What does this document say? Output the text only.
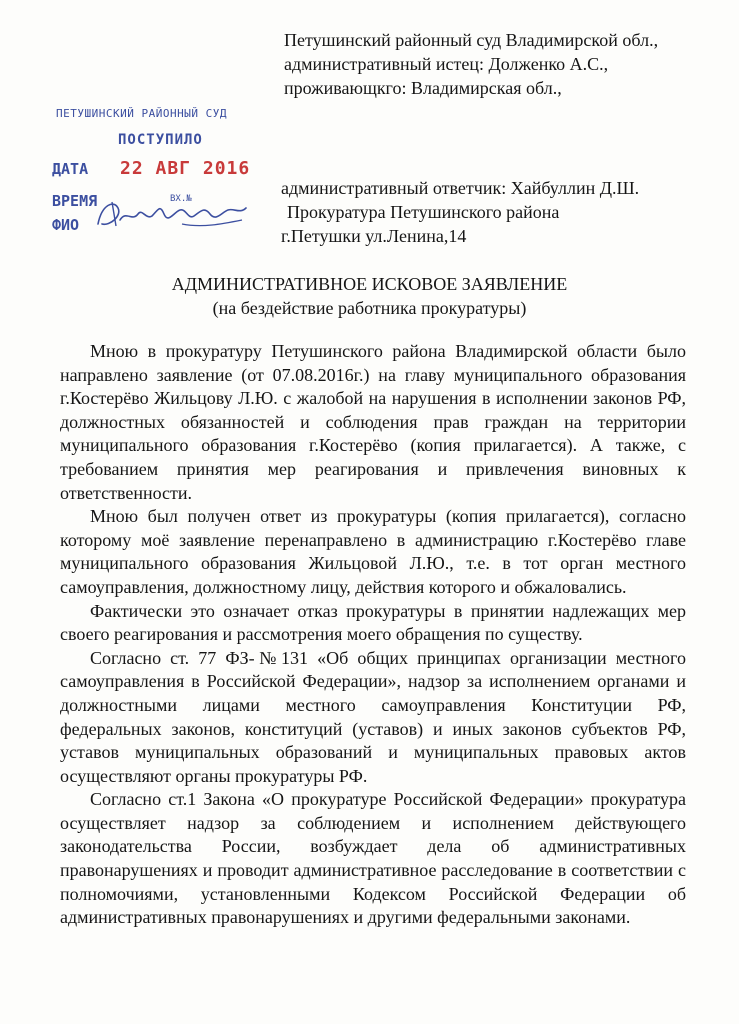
Петушинский районный суд Владимирской обл.,
административный истец: Долженко А.С.,
проживающкго: Владимирская обл.,
административный ответчик: Хайбуллин Д.Ш.
Прокуратура Петушинского района
г.Петушки ул.Ленина,14
ПЕТУШИНСКИЙ РАЙОННЫЙ СУД
ПОСТУПИЛО
ДАТА 22 АВГ 2016
ВРЕМЯ	ВХ.№
ФИО
АДМИНИСТРАТИВНОЕ ИСКОВОЕ ЗАЯВЛЕНИЕ
(на бездействие работника прокуратуры)

Мною в прокуратуру Петушинского района Владимирской области было направлено заявление (от 07.08.2016г.) на главу муниципального образования г.Костерёво Жильцову Л.Ю. с жалобой на нарушения в исполнении законов РФ, должностных обязанностей и соблюдения прав граждан на территории муниципального образования г.Костерёво (копия прилагается). А также, с требованием принятия мер реагирования и привлечения виновных к ответственности.

Мною был получен ответ из прокуратуры (копия прилагается), согласно которому моё заявление перенаправлено в администрацию г.Костерёво главе муниципального образования Жильцовой Л.Ю., т.е. в тот орган местного самоуправления, должностному лицу, действия которого и обжаловались.

Фактически это означает отказ прокуратуры в принятии надлежащих мер своего реагирования и рассмотрения моего обращения по существу.

Согласно ст. 77 ФЗ-№131 «Об общих принципах организации местного самоуправления в Российской Федерации», надзор за исполнением органами и должностными лицами местного самоуправления Конституции РФ, федеральных законов, конституций (уставов) и иных законов субъектов РФ, уставов муниципальных образований и муниципальных правовых актов осуществляют органы прокуратуры РФ.

Согласно ст.1 Закона «О прокуратуре Российской Федерации» прокуратура осуществляет надзор за соблюдением и исполнением действующего законодательства России, возбуждает дела об административных правонарушениях и проводит административное расследование в соответствии с полномочиями, установленными Кодексом Российской Федерации об административных правонарушениях и другими федеральными законами.
